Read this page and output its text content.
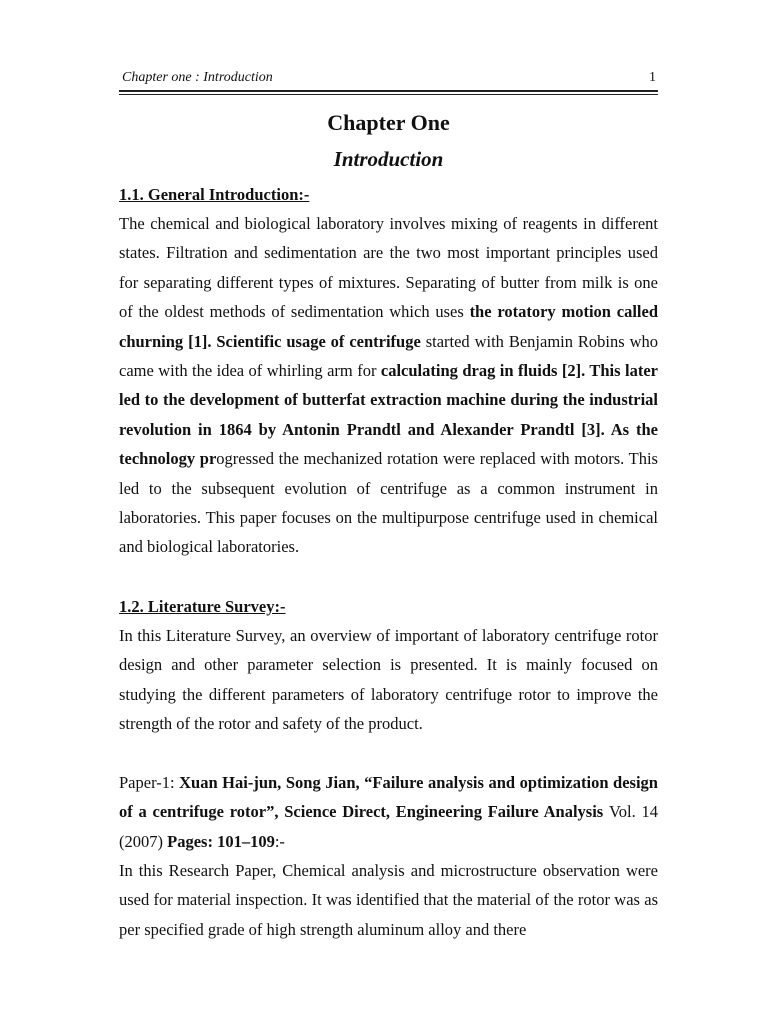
Chapter one : Introduction	1
Chapter One
Introduction
1.1. General Introduction:-

The chemical and biological laboratory involves mixing of reagents in different states. Filtration and sedimentation are the two most important principles used for separating different types of mixtures. Separating of butter from milk is one of the oldest methods of sedimentation which uses the rotatory motion called churning [1]. Scientific usage of centrifuge started with Benjamin Robins who came with the idea of whirling arm for calculating drag in fluids [2]. This later led to the development of butterfat extraction machine during the industrial revolution in 1864 by Antonin Prandtl and Alexander Prandtl [3]. As the technology progressed the mechanized rotation were replaced with motors. This led to the subsequent evolution of centrifuge as a common instrument in laboratories. This paper focuses on the multipurpose centrifuge used in chemical and biological laboratories.

1.2. Literature Survey:-

In this Literature Survey, an overview of important of laboratory centrifuge rotor design and other parameter selection is presented. It is mainly focused on studying the different parameters of laboratory centrifuge rotor to improve the strength of the rotor and safety of the product.

Paper-1: Xuan Hai-jun, Song Jian, “Failure analysis and optimization design of a centrifuge rotor”, Science Direct, Engineering Failure Analysis Vol. 14 (2007) Pages: 101–109:-

In this Research Paper, Chemical analysis and microstructure observation were used for material inspection. It was identified that the material of the rotor was as per specified grade of high strength aluminum alloy and there
